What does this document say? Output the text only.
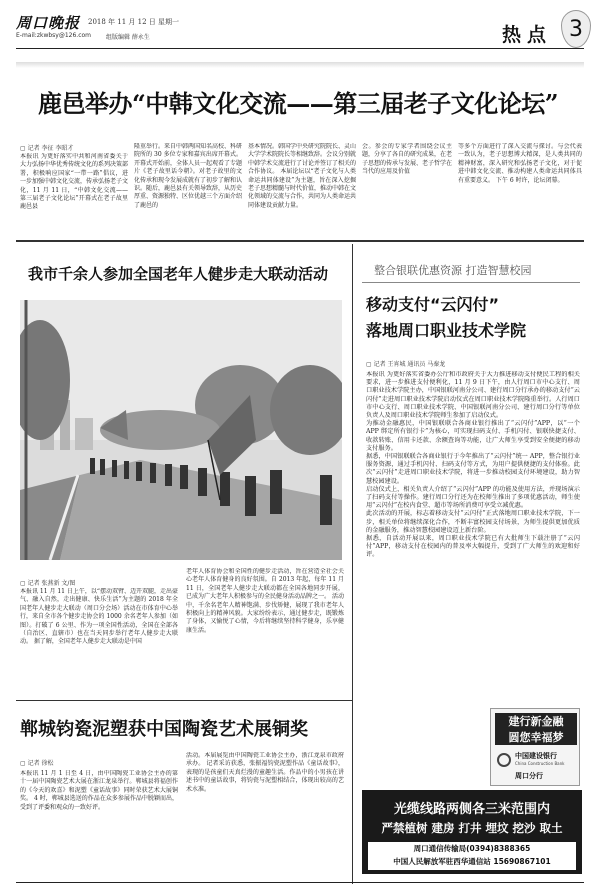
周口晚报 2018 年 11 月 12 日 星期一
E-mail:zkwbsy@126.com 组版编辑 薛永生	热点 3
鹿邑举办“中韩文化交流——第三届老子文化论坛”
▢ 记者 李征 李昭才
本报讯 为更好落实中共和河南省委关于大力弘扬中华优秀传统文化的系列决策部署，积极响应国家“一带一路”倡议，进一步加强中韩文化交流，传承弘扬老子文化，11 月 11 日，“中韩文化交流——第三届老子文化论坛”开幕式在老子故里鹿邑县
隆重举行。来自中韩两国知名高校、科研院所的 30 多位专家和嘉宾出席开幕式。 开幕式开始前，全体人员一起观看了专题片《老子故里话今朝》。对老子故里的文化传承和现今发展成就有了初步了解和认识。随后，鹿邑县有关领导致辞，从历史厚重、资源独特、区位优越三个方面介绍了鹿邑的
基本情况。韩国学中央研究院院长、灵山大学学术院院长等相继致辞。会议分别就中韩学术交流进行了讨论并签订了相关的合作协议。 本届论坛以“老子文化与人类命运共同体建设”为主题，旨在深入挖掘老子思想精髓与时代价值，推动中韩在文化领域的交流与合作，共同为人类命运共同体建设贡献力量。
会。参会的专家学者围绕会议主题，分享了各自的研究成果，在老子思想的传承与发展、老子哲学在当代的应用及价值
等多个方面进行了深入交流与探讨。与会代表一致认为，老子思想博大精深，是人类共同的精神财富，深入研究和弘扬老子文化，对于促进中韩文化交流、推动构建人类命运共同体具有重要意义。 下午 6 时许，论坛闭幕。
我市千余人参加全国老年人健步走大联动活动
▢ 记者 张燕新 文/图
本报讯 11 月 11 日上午，以“摆动双臂、迈开双腿，走出豪气、融入自然，走出健康、快乐生活”为主题的 2018 年全国老年人健步走大联动（周口分会场）活动在市体育中心举行，来自全市各个健步走协会的 1000 余名老年人参加（如图）。打破了 6 公里、作为一项全国性活动，全国在全部各（自治区、直辖市）也在当天同步举行老年人健步走大联动。 据了解，全国老年人健步走大联动是中国
老年人体育协会和全国性的健步走活动，旨在营造全社会关心老年人体育健身的良好氛围。自 2013 年起，每年 11 月 11 日，全国老年人健步走大联动都在全国各地同步开展，已成为广大老年人积极参与的全民健身活动品牌之一。 活动中，千余名老年人精神饱满、步伐矫健，展现了我市老年人积极向上的精神风貌。大家纷纷表示，通过健步走，既锻炼了身体，又愉悦了心情，今后将继续坚持科学健身，乐享健康生活。
郸城钧瓷泥塑获中国陶瓷艺术展铜奖
▢ 记者 徐松
本报讯 11 月 1 日至 4 日，由中国陶瓷工业协会主办的第十一届中国陶瓷艺术大展在浙江龙泉举行。郸城县将福创作的《今天的欢喜》和泥塑《童话故事》同时荣获艺术大展铜奖。 4 时，郸城县选送的作品在众多参展作品中脱颖而出，受到了评委和观众的一致好评。
活动。本届展览由中国陶瓷工业协会主办，浙江龙泉市政府承办。 记者采访获悉，张振福钧瓷泥塑作品《童话故事》，表现的是孩童们天真烂漫的童趣生活。作品中的小男孩在讲述书中的童话故事，将钧瓷与泥塑相结合，体现出较高的艺术水准。
整合银联优惠资源 打造智慧校园
移动支付“云闪付”
落地周口职业技术学院
▢ 记者 王宵城 通讯员 马秦龙
本报讯 为更好落实省委办公厅和市政府关于大力推进移动支付便民工程的相关要求，进一步推进支付便利化，11 月 9 日下午，由人行周口市中心支行、周口职业技术学院主办，中国银联河南分公司、建行周口分行承办的移动支付“云闪付”走进周口职业技术学院启动仪式在周口职业技术学院隆重举行。人行周口市中心支行、周口职业技术学院、中国银联河南分公司、建行周口分行等单位负责人及周口职业技术学院师生参加了启动仪式。
为推动金融惠民，中国银联联合各商业银行推出了“云闪付”APP，以“一个 APP 绑定所有银行卡”为核心，可实现扫码支付、手机闪付、银联快捷支付、收款转账、信用卡还款、余额查询等功能，让广大师生享受到安全便捷的移动支付服务。
据悉，中国银联联合各商业银行于今年推出了“云闪付”统一 APP，整合银行业服务资源，通过手机闪付、扫码支付等方式，为用户提供便捷的支付体验。此次“云闪付”走进周口职业技术学院，将进一步推动校园支付环境建设，助力智慧校园建设。
启动仪式上，相关负责人介绍了“云闪付”APP 的功能及使用方法，并现场演示了扫码支付等操作。建行周口分行还为在校师生推出了多项优惠活动，师生使用“云闪付”在校内食堂、超市等场所消费可享受立减优惠。
此次活动的开展，标志着移动支付“云闪付”正式落地周口职业技术学院，下一步，相关单位将继续深化合作，不断丰富校园支付场景，为师生提供更加优质的金融服务，推动智慧校园建设迈上新台阶。
据悉，自活动开展以来，周口职业技术学院已有大批师生下载注册了“云闪付”APP，移动支付在校园内的普及率大幅提升，受到了广大师生的欢迎和好评。
建行新金融
圆您幸福梦
中国建设银行
China Construction Bank
周口分行
光缆线路两侧各三米范围内
严禁植树 建房 打井 埋坟 挖沙 取土
周口通信传输局(0394)8388365
中国人民解放军驻西华通信站 15690867101
